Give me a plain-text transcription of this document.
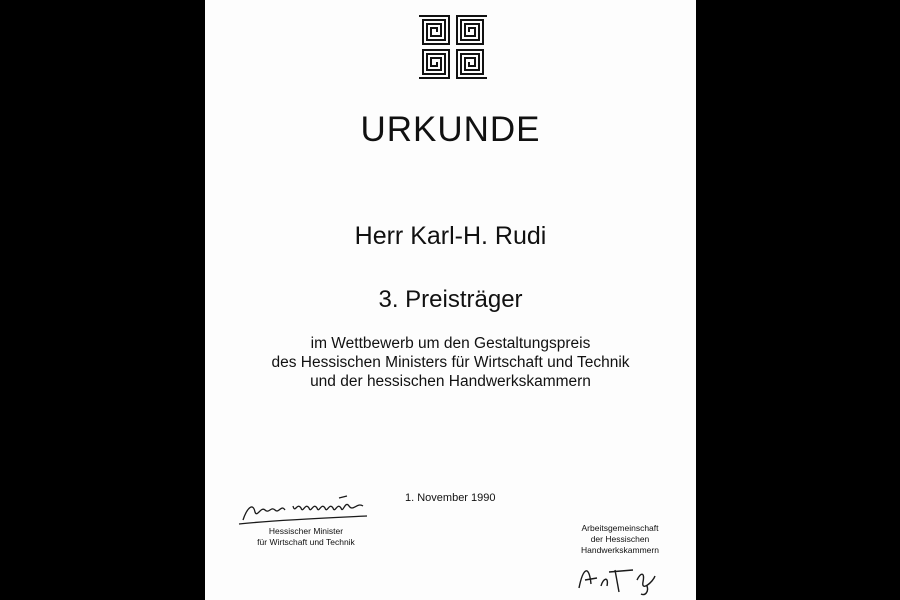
URKUNDE
Herr Karl-H. Rudi
3. Preisträger
im Wettbewerb um den Gestaltungspreis
des Hessischen Ministers für Wirtschaft und Technik
und der hessischen Handwerkskammern
1. November 1990
Hessischer Minister
für Wirtschaft und Technik
Arbeitsgemeinschaft
der Hessischen
Handwerkskammern
